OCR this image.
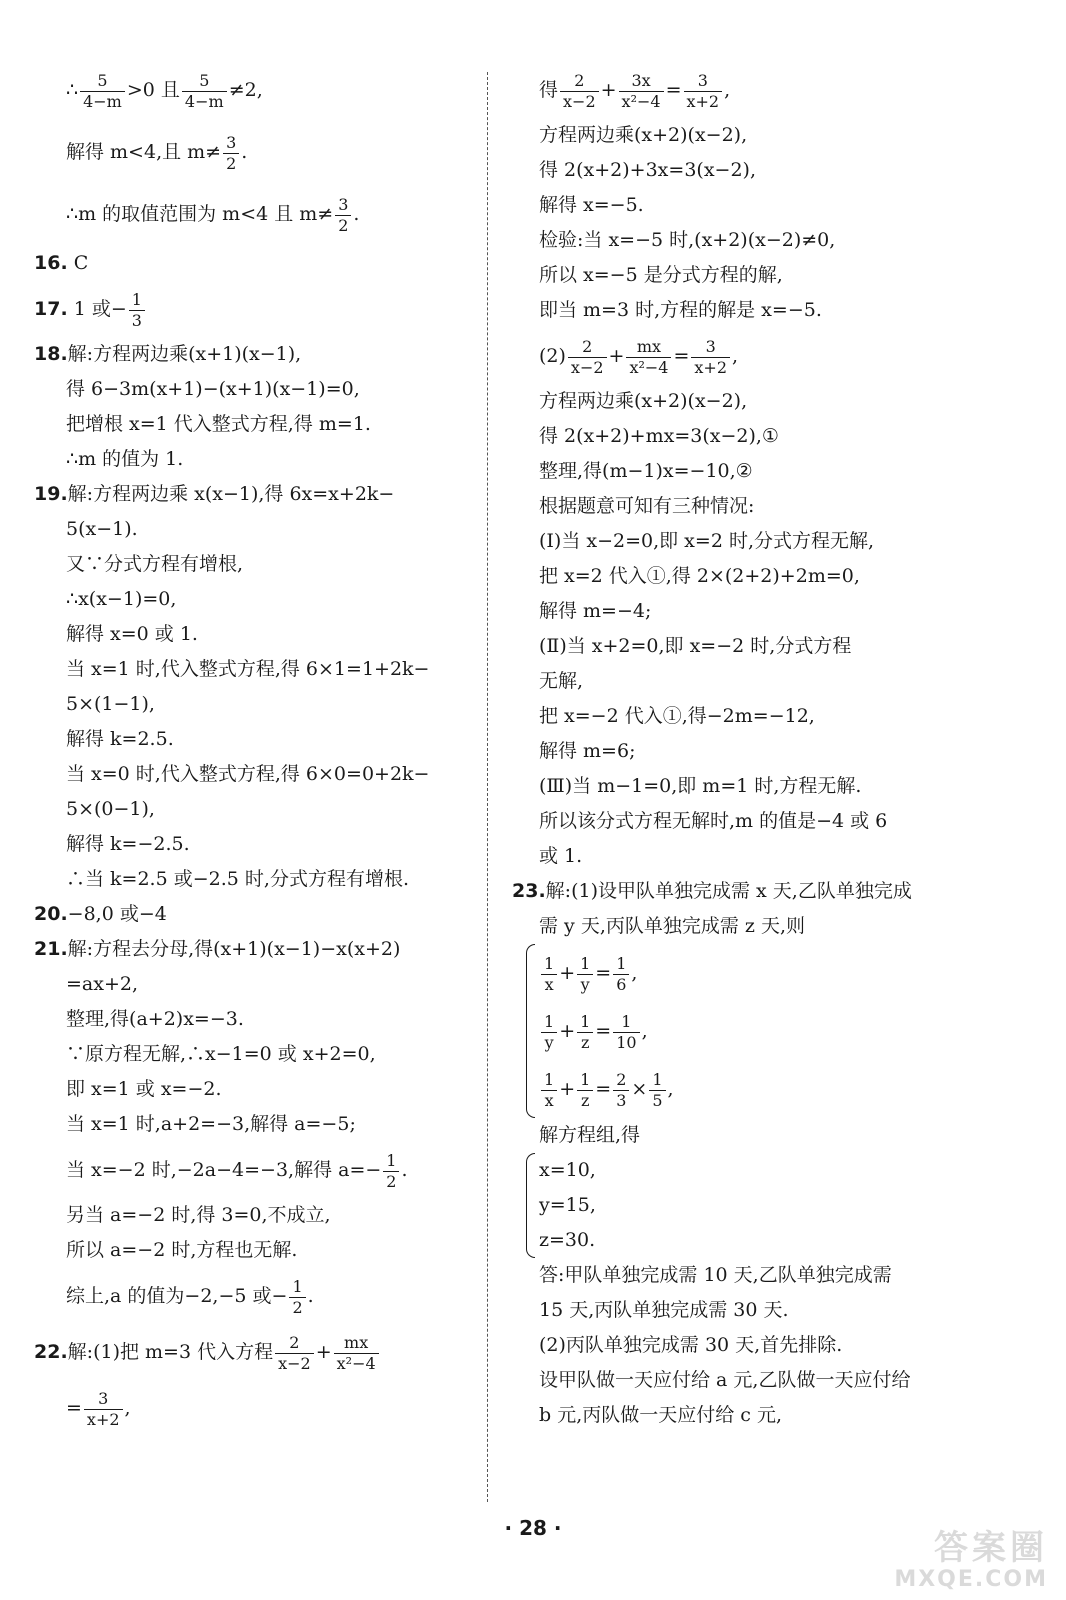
∴ $\frac{5}{4-m} >0$ 且 $\frac{5}{4-m} \ne 2$,
解得 m<4,且 $m\ne \frac{3}{2}$ .
∴m 的取值范围为 m<4 且 $m\ne \frac{3}{2}$ .
16. C
17. 1 或− $\frac{1}{3}$
18.解:方程两边乘(x+1)(x−1),
得 6−3m(x+1)−(x+1)(x−1)=0,
把增根 x=1 代入整式方程,得 m=1.
∴m 的值为 1.
19.解:方程两边乘 x(x−1),得 6x=x+2k−
5(x−1).
又∵分式方程有增根,
∴x(x−1)=0,
解得 x=0 或 1.
当 x=1 时,代入整式方程,得 6×1=1+2k−
5×(1−1),
解得 k=2.5.
当 x=0 时,代入整式方程,得 6×0=0+2k−
5×(0−1),
解得 k=−2.5.
∴当 k=2.5 或−2.5 时,分式方程有增根.
20.−8,0 或−4
21.解:方程去分母,得(x+1)(x−1)−x(x+2)
=ax+2,
整理,得(a+2)x=−3.
∵原方程无解,∴x−1=0 或 x+2=0,
即 x=1 或 x=−2.
当 x=1 时,a+2=−3,解得 a=−5;
当 x=−2 时,−2a−4=−3,解得 $a=- \frac{1}{2}$ .
另当 a=−2 时,得 3=0,不成立,
所以 a=−2 时,方程也无解.
综上,a 的值为−2,−5 或− $\frac{1}{2}$ .
22.解:(1)把 m=3 代入方程 $\frac{2}{x-2} + \frac{mx}{\text{x²−4}}$
= $\frac{3}{x+2}$ ,
得 $\frac{2}{x-2} + \frac{3x}{\text{x²−4}} = \frac{3}{x+2}$ ,
方程两边乘(x+2)(x−2),
得 2(x+2)+3x=3(x−2),
解得 x=−5.
检验:当 x=−5 时,(x+2)(x−2)≠0,
所以 x=−5 是分式方程的解,
即当 m=3 时,方程的解是 x=−5.
$(2) \frac{2}{x-2} + \frac{mx}{\text{x²−4}} = \frac{3}{x+2}$ ,
方程两边乘(x+2)(x−2),
得 2(x+2)+mx=3(x−2),①
整理,得(m−1)x=−10,②
根据题意可知有三种情况:
(Ⅰ)当 x−2=0,即 x=2 时,分式方程无解,
把 x=2 代入①,得 2×(2+2)+2m=0,
解得 m=−4;
(Ⅱ)当 x+2=0,即 x=−2 时,分式方程
无解,
把 x=−2 代入①,得−2m=−12,
解得 m=6;
(Ⅲ)当 m−1=0,即 m=1 时,方程无解.
所以该分式方程无解时,m 的值是−4 或 6
或 1.
23.解:(1)设甲队单独完成需 x 天,乙队单独完成
需 y 天,丙队单独完成需 z 天,则
$\frac{1}{x} + \frac{1}{y} = \frac{1}{6}$ ,
$\frac{1}{y} + \frac{1}{z} = \frac{1}{10}$ ,
$\frac{1}{x} + \frac{1}{z} = \frac{2}{3} \times \frac{1}{5}$ ,
解方程组,得
x=10,
y=15,
z=30.
答:甲队单独完成需 10 天,乙队单独完成需
15 天,丙队单独完成需 30 天.
(2)丙队单独完成需 30 天,首先排除.
设甲队做一天应付给 a 元,乙队做一天应付给
b 元,丙队做一天应付给 c 元,
· 28 ·	答案圈
MXQE.COM
